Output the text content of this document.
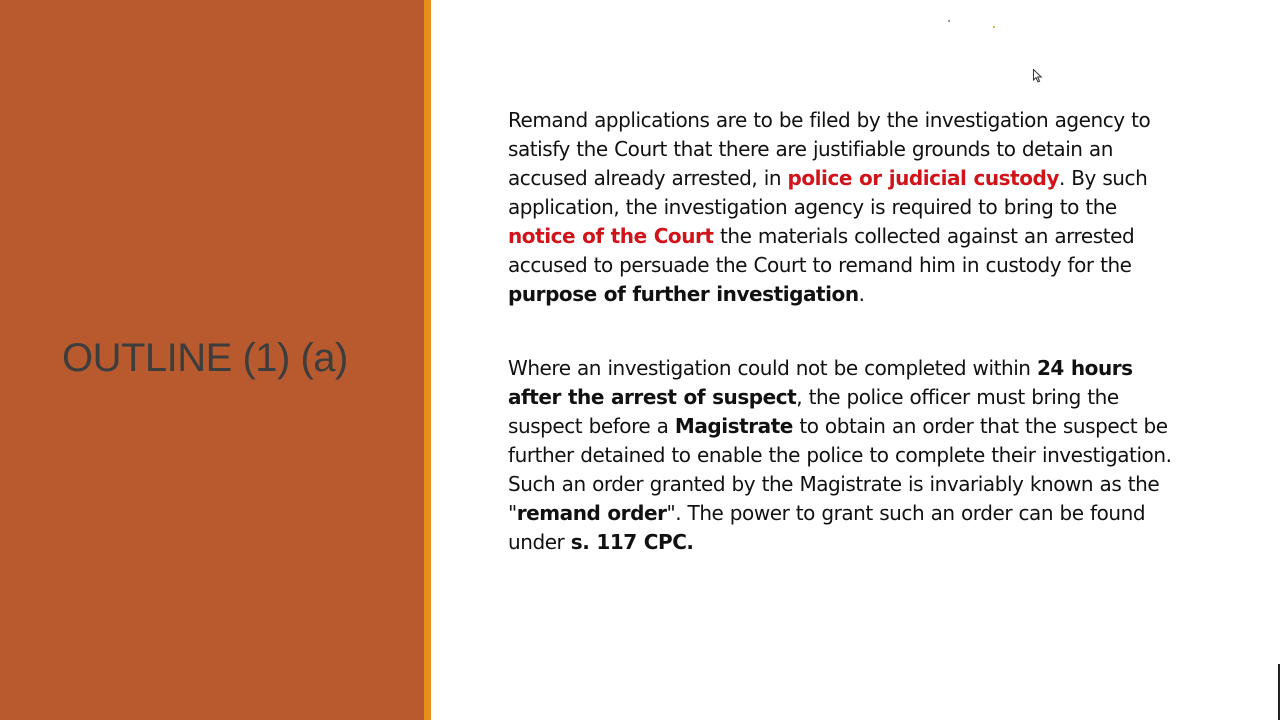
OUTLINE (1) (a)

Remand applications are to be filed by the investigation agency to satisfy the Court that there are justifiable grounds to detain an accused already arrested, in police or judicial custody. By such application, the investigation agency is required to bring to the notice of the Court the materials collected against an arrested accused to persuade the Court to remand him in custody for the purpose of further investigation.

Where an investigation could not be completed within 24 hours after the arrest of suspect, the police officer must bring the suspect before a Magistrate to obtain an order that the suspect be further detained to enable the police to complete their investigation. Such an order granted by the Magistrate is invariably known as the "remand order". The power to grant such an order can be found under s. 117 CPC.
